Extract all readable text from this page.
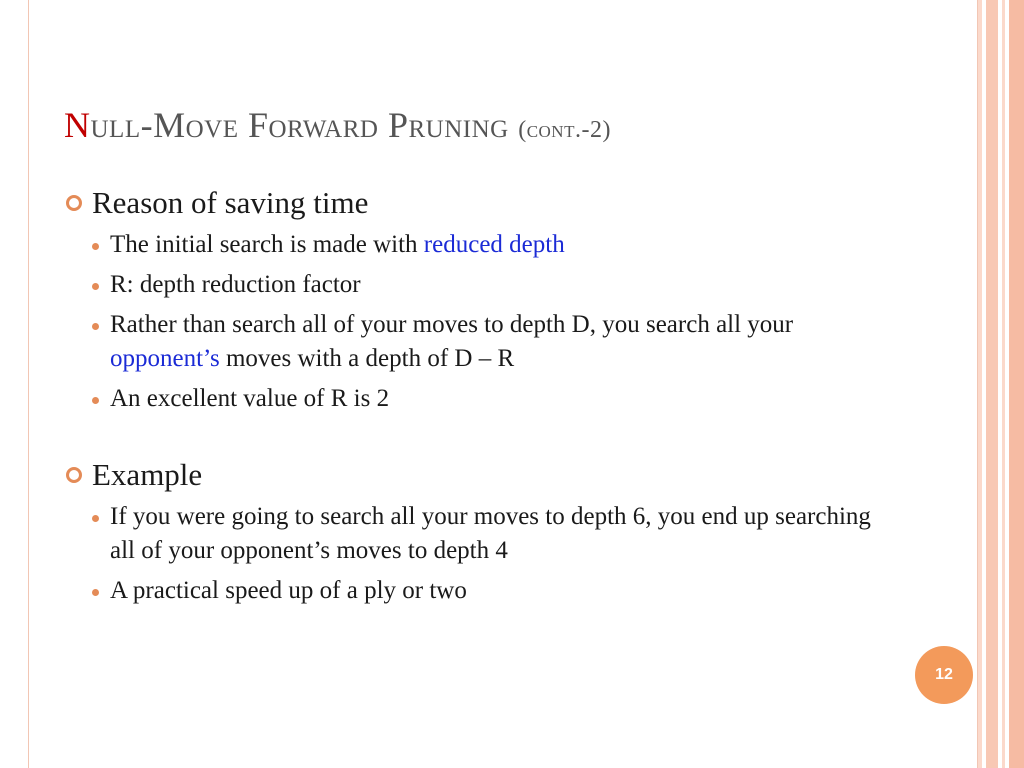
Null-Move Forward Pruning (cont.-2)
Reason of saving time
The initial search is made with reduced depth
R: depth reduction factor
Rather than search all of your moves to depth D, you search all your opponent’s moves with a depth of D – R
An excellent value of R is 2
Example
If you were going to search all your moves to depth 6, you end up searching all of your opponent’s moves to depth 4
A practical speed up of a ply or two
12
